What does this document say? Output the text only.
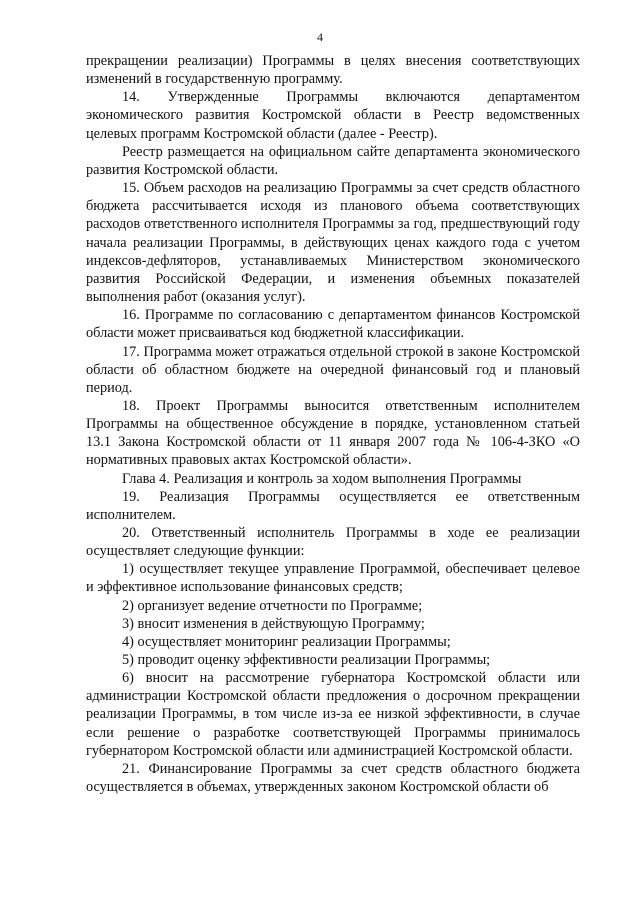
4

прекращении реализации) Программы в целях внесения соответствующих изменений в государственную программу.

14. Утвержденные Программы включаются департаментом экономического развития Костромской области в Реестр ведомственных целевых программ Костромской области (далее - Реестр).

Реестр размещается на официальном сайте департамента экономического развития Костромской области.

15. Объем расходов на реализацию Программы за счет средств областного бюджета рассчитывается исходя из планового объема соответствующих расходов ответственного исполнителя Программы за год, предшествующий году начала реализации Программы, в действующих ценах каждого года с учетом индексов-дефляторов, устанавливаемых Министерством экономического развития Российской Федерации, и изменения объемных показателей выполнения работ (оказания услуг).

16. Программе по согласованию с департаментом финансов Костромской области может присваиваться код бюджетной классификации.

17. Программа может отражаться отдельной строкой в законе Костромской области об областном бюджете на очередной финансовый год и плановый период.

18. Проект Программы выносится ответственным исполнителем Программы на общественное обсуждение в порядке, установленном статьей 13.1 Закона Костромской области от 11 января 2007 года № 106-4-ЗКО «О нормативных правовых актах Костромской области».

Глава 4. Реализация и контроль за ходом выполнения Программы

19. Реализация Программы осуществляется ее ответственным исполнителем.

20. Ответственный исполнитель Программы в ходе ее реализации осуществляет следующие функции:

1) осуществляет текущее управление Программой, обеспечивает целевое и эффективное использование финансовых средств;

2) организует ведение отчетности по Программе;

3) вносит изменения в действующую Программу;

4) осуществляет мониторинг реализации Программы;

5) проводит оценку эффективности реализации Программы;

6) вносит на рассмотрение губернатора Костромской области или администрации Костромской области предложения о досрочном прекращении реализации Программы, в том числе из-за ее низкой эффективности, в случае если решение о разработке соответствующей Программы принималось губернатором Костромской области или администрацией Костромской области.

21. Финансирование Программы за счет средств областного бюджета осуществляется в объемах, утвержденных законом Костромской области об
